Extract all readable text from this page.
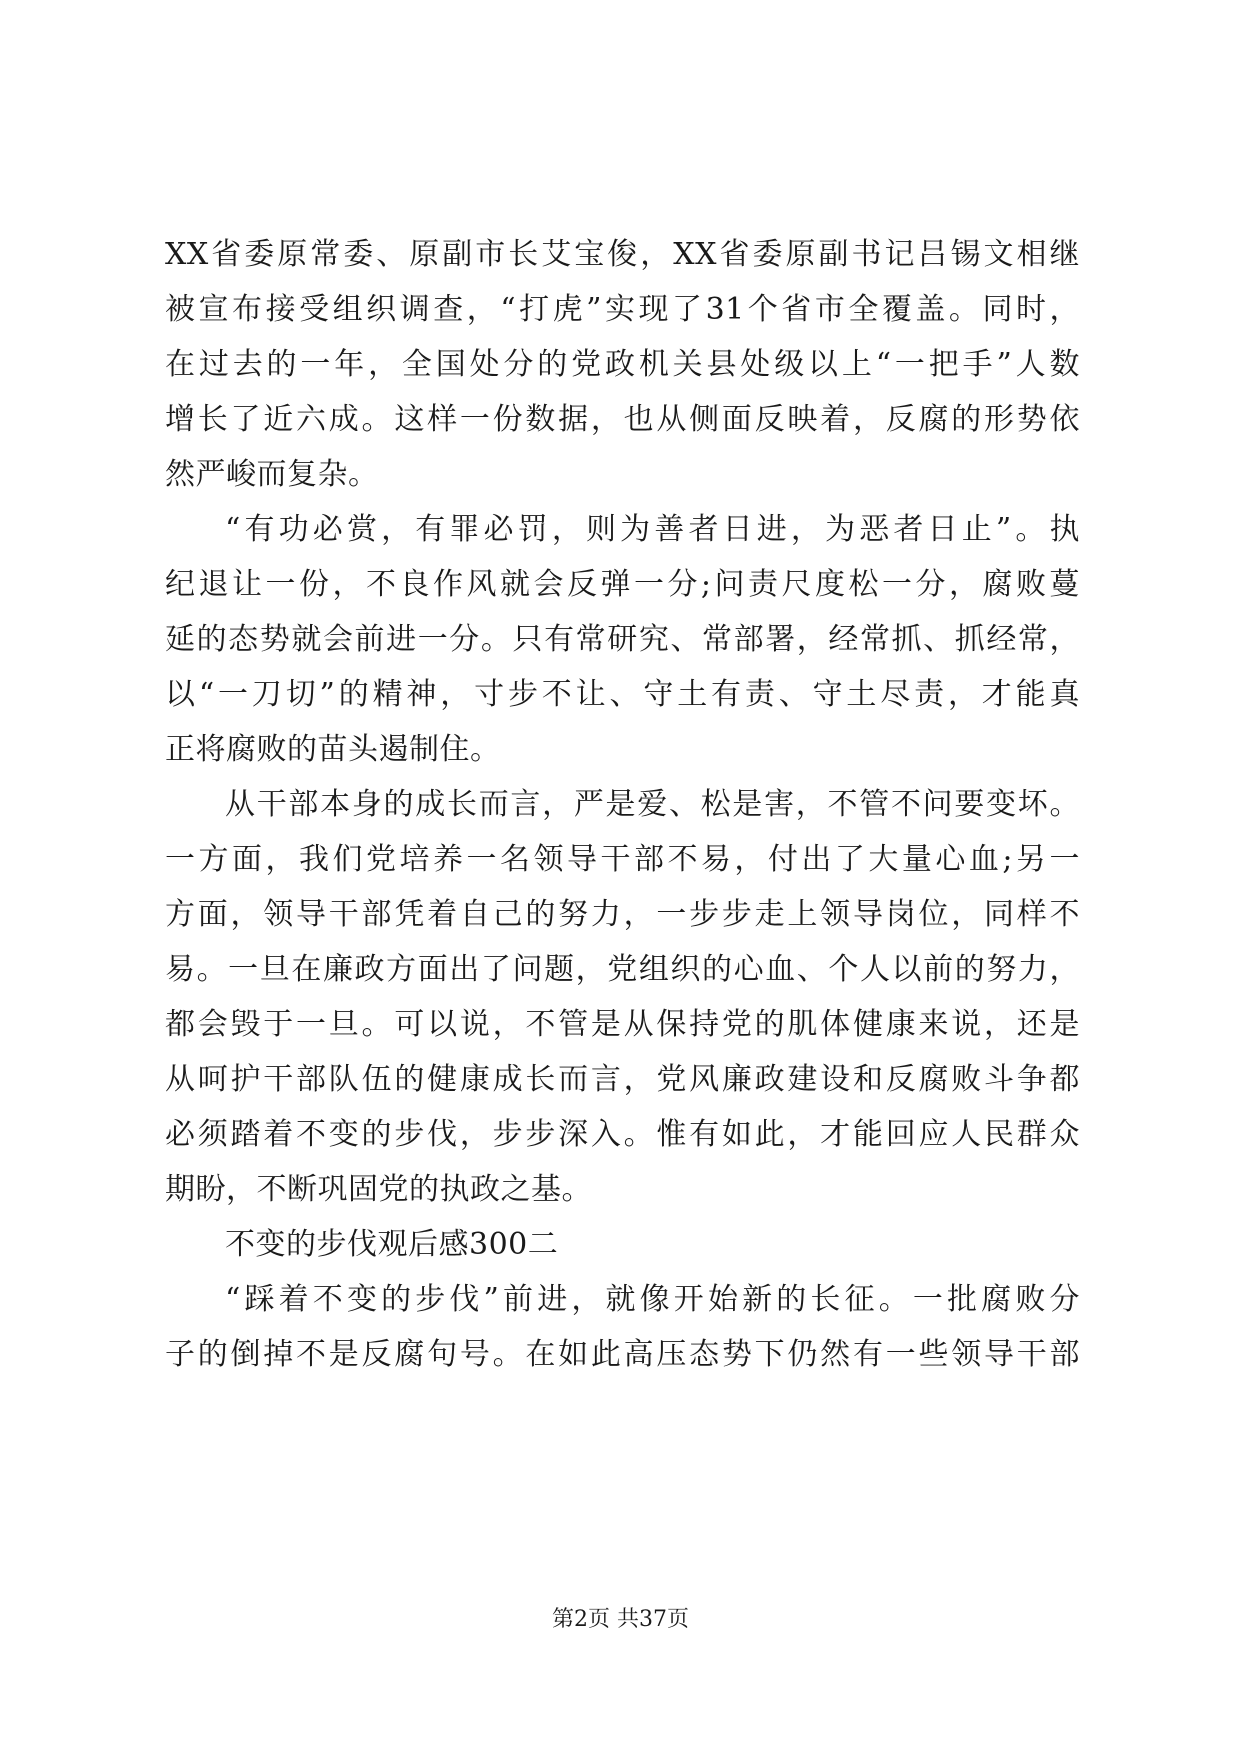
XX省委原常委、原副市长艾宝俊，XX省委原副书记吕锡文相继
被宣布接受组织调查，“打虎”实现了31个省市全覆盖。同时，
在过去的一年，全国处分的党政机关县处级以上“一把手”人数
增长了近六成。这样一份数据，也从侧面反映着，反腐的形势依
然严峻而复杂。
“有功必赏，有罪必罚，则为善者日进，为恶者日止”。执
纪退让一份，不良作风就会反弹一分;问责尺度松一分，腐败蔓
延的态势就会前进一分。只有常研究、常部署，经常抓、抓经常，
以“一刀切”的精神，寸步不让、守土有责、守土尽责，才能真
正将腐败的苗头遏制住。
从干部本身的成长而言，严是爱、松是害，不管不问要变坏。
一方面，我们党培养一名领导干部不易，付出了大量心血;另一
方面，领导干部凭着自己的努力，一步步走上领导岗位，同样不
易。一旦在廉政方面出了问题，党组织的心血、个人以前的努力，
都会毁于一旦。可以说，不管是从保持党的肌体健康来说，还是
从呵护干部队伍的健康成长而言，党风廉政建设和反腐败斗争都
必须踏着不变的步伐，步步深入。惟有如此，才能回应人民群众
期盼，不断巩固党的执政之基。
不变的步伐观后感300二
“踩着不变的步伐”前进，就像开始新的长征。一批腐败分
子的倒掉不是反腐句号。在如此高压态势下仍然有一些领导干部
第2页 共37页
